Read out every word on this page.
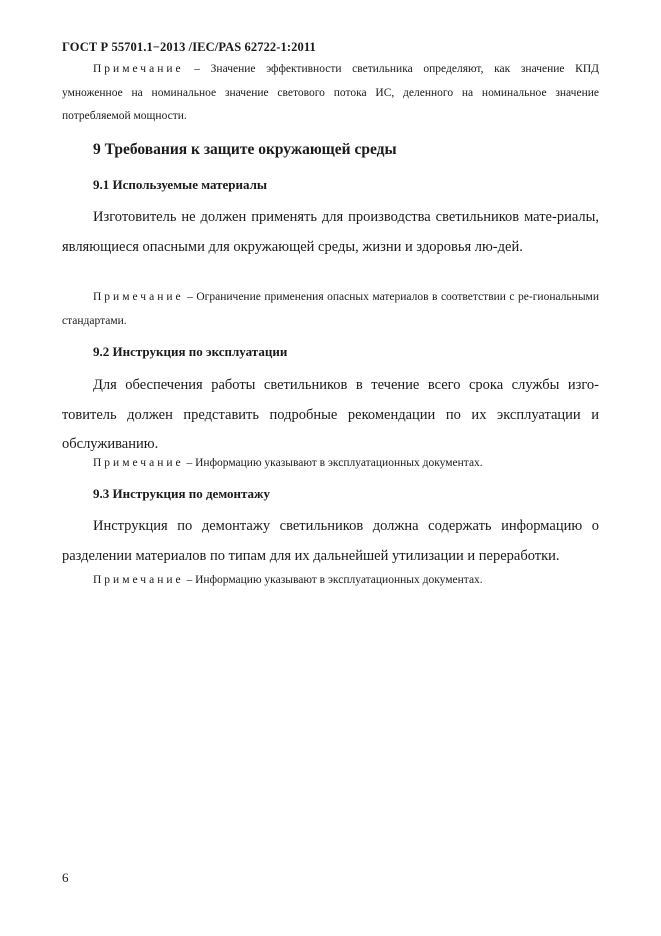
ГОСТ Р 55701.1−2013 /IEC/PAS 62722-1:2011

Примечание – Значение эффективности светильника определяют, как значение КПД умноженное на номинальное значение светового потока ИС, деленного на номинальное значение потребляемой мощности.

9 Требования к защите окружающей среды
9.1 Используемые материалы

Изготовитель не должен применять для производства светильников мате-риалы, являющиеся опасными для окружающей среды, жизни и здоровья лю-дей.

Примечание – Ограничение применения опасных материалов в соответствии с ре-гиональными стандартами.

9.2 Инструкция по эксплуатации

Для обеспечения работы светильников в течение всего срока службы изго-товитель должен представить подробные рекомендации по их эксплуатации и обслуживанию.

Примечание – Информацию указывают в эксплуатационных документах.

9.3 Инструкция по демонтажу

Инструкция по демонтажу светильников должна содержать информацию о разделении материалов по типам для их дальнейшей утилизации и переработки.

Примечание – Информацию указывают в эксплуатационных документах.

6
